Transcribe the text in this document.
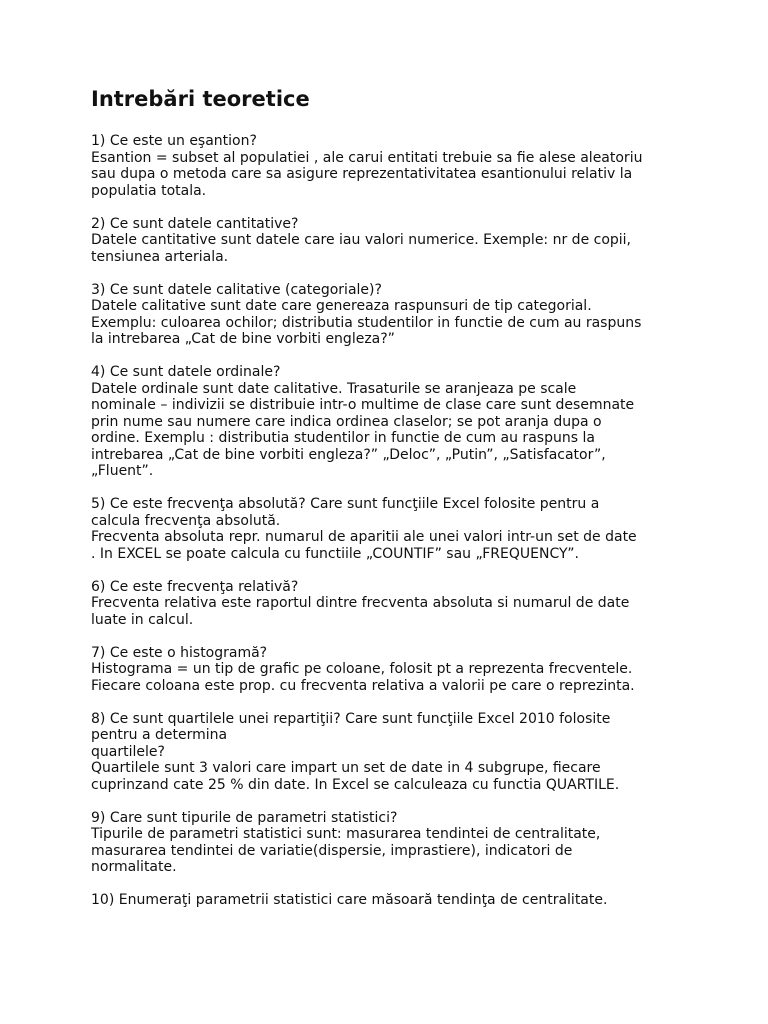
Intrebări teoretice

1) Ce este un eşantion?

Esantion = subset al populatiei , ale carui entitati trebuie sa fie alese aleatoriu

sau dupa o metoda care sa asigure reprezentativitatea esantionului relativ la

populatia totala.

2) Ce sunt datele cantitative?

Datele cantitative sunt datele care iau valori numerice. Exemple: nr de copii,

tensiunea arteriala.

3) Ce sunt datele calitative (categoriale)?

Datele calitative sunt date care genereaza raspunsuri de tip categorial.

Exemplu: culoarea ochilor; distributia studentilor in functie de cum au raspuns

la intrebarea „Cat de bine vorbiti engleza?”

4) Ce sunt datele ordinale?

Datele ordinale sunt date calitative. Trasaturile se aranjeaza pe scale

nominale – indivizii se distribuie intr-o multime de clase care sunt desemnate

prin nume sau numere care indica ordinea claselor; se pot aranja dupa o

ordine. Exemplu : distributia studentilor in functie de cum au raspuns la

intrebarea „Cat de bine vorbiti engleza?” „Deloc”, „Putin”, „Satisfacator”,

„Fluent”.

5) Ce este frecvenţa absolută? Care sunt funcţiile Excel folosite pentru a

calcula frecvenţa absolută.

Frecventa absoluta repr. numarul de aparitii ale unei valori intr-un set de date

. In EXCEL se poate calcula cu functiile „COUNTIF” sau „FREQUENCY”.

6) Ce este frecvenţa relativă?

Frecventa relativa este raportul dintre frecventa absoluta si numarul de date

luate in calcul.

7) Ce este o histogramă?

Histograma = un tip de grafic pe coloane, folosit pt a reprezenta frecventele.

Fiecare coloana este prop. cu frecventa relativa a valorii pe care o reprezinta.

8) Ce sunt quartilele unei repartiţii? Care sunt funcţiile Excel 2010 folosite

pentru a determina

quartilele?

Quartilele sunt 3 valori care impart un set de date in 4 subgrupe, fiecare

cuprinzand cate 25 % din date. In Excel se calculeaza cu functia QUARTILE.

9) Care sunt tipurile de parametri statistici?

Tipurile de parametri statistici sunt: masurarea tendintei de centralitate,

masurarea tendintei de variatie(dispersie, imprastiere), indicatori de

normalitate.

10) Enumeraţi parametrii statistici care măsoară tendinţa de centralitate.
